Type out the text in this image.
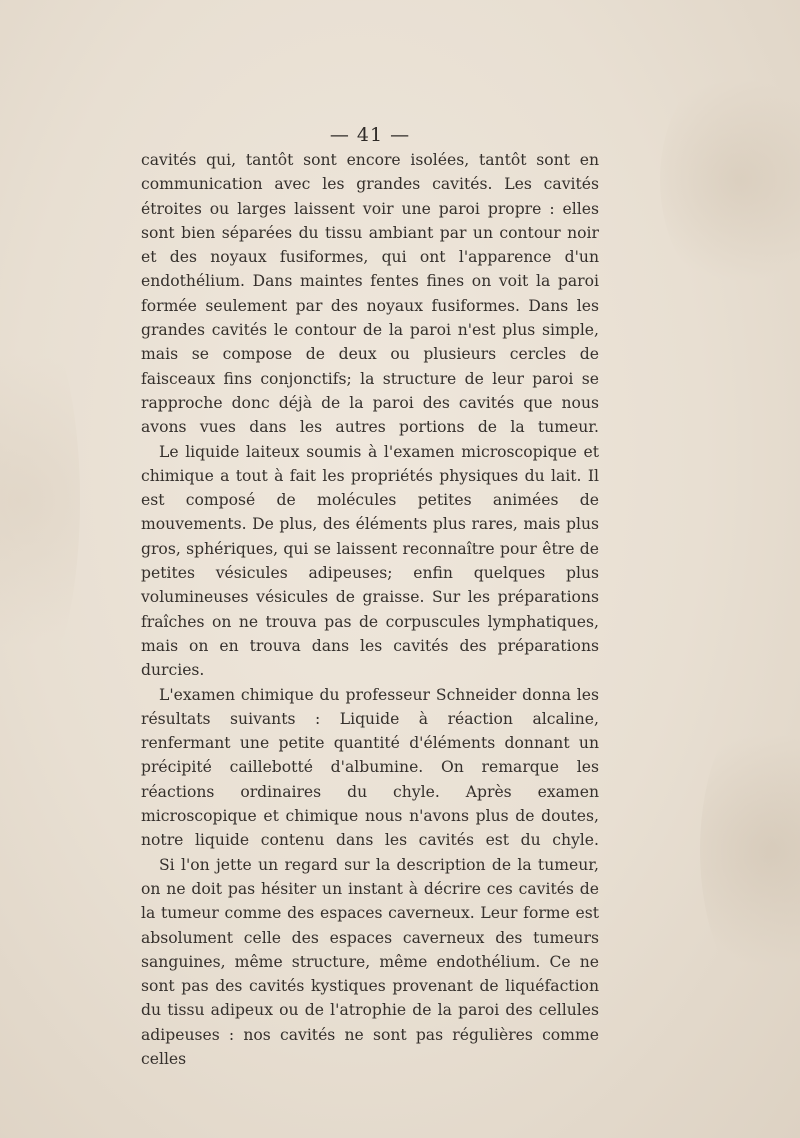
— 41 —

cavités qui, tantôt sont encore isolées, tantôt sont en communication avec les grandes cavités. Les cavités étroites ou larges laissent voir une paroi propre : elles sont bien séparées du tissu ambiant par un contour noir et des noyaux fusiformes, qui ont l'apparence d'un endothélium. Dans maintes fentes fines on voit la paroi formée seulement par des noyaux fusiformes. Dans les grandes cavités le contour de la paroi n'est plus simple, mais se compose de deux ou plusieurs cercles de faisceaux fins conjonctifs; la structure de leur paroi se rapproche donc déjà de la paroi des cavités que nous avons vues dans les autres portions de la tumeur.

Le liquide laiteux soumis à l'examen microscopique et chimique a tout à fait les propriétés physiques du lait. Il est composé de molécules petites animées de mouvements. De plus, des éléments plus rares, mais plus gros, sphériques, qui se laissent reconnaître pour être de petites vésicules adipeuses; enfin quelques plus volumineuses vésicules de graisse. Sur les préparations fraîches on ne trouva pas de corpuscules lymphatiques, mais on en trouva dans les cavités des préparations durcies.

L'examen chimique du professeur Schneider donna les résultats suivants : Liquide à réaction alcaline, renfermant une petite quantité d'éléments donnant un précipité caillebotté d'albumine. On remarque les réactions ordinaires du chyle. Après examen microscopique et chimique nous n'avons plus de doutes, notre liquide contenu dans les cavités est du chyle.

Si l'on jette un regard sur la description de la tumeur, on ne doit pas hésiter un instant à décrire ces cavités de la tumeur comme des espaces caverneux. Leur forme est absolument celle des espaces caverneux des tumeurs sanguines, même structure, même endothélium. Ce ne sont pas des cavités kystiques provenant de liquéfaction du tissu adipeux ou de l'atrophie de la paroi des cellules adipeuses : nos cavités ne sont pas régulières comme celles
